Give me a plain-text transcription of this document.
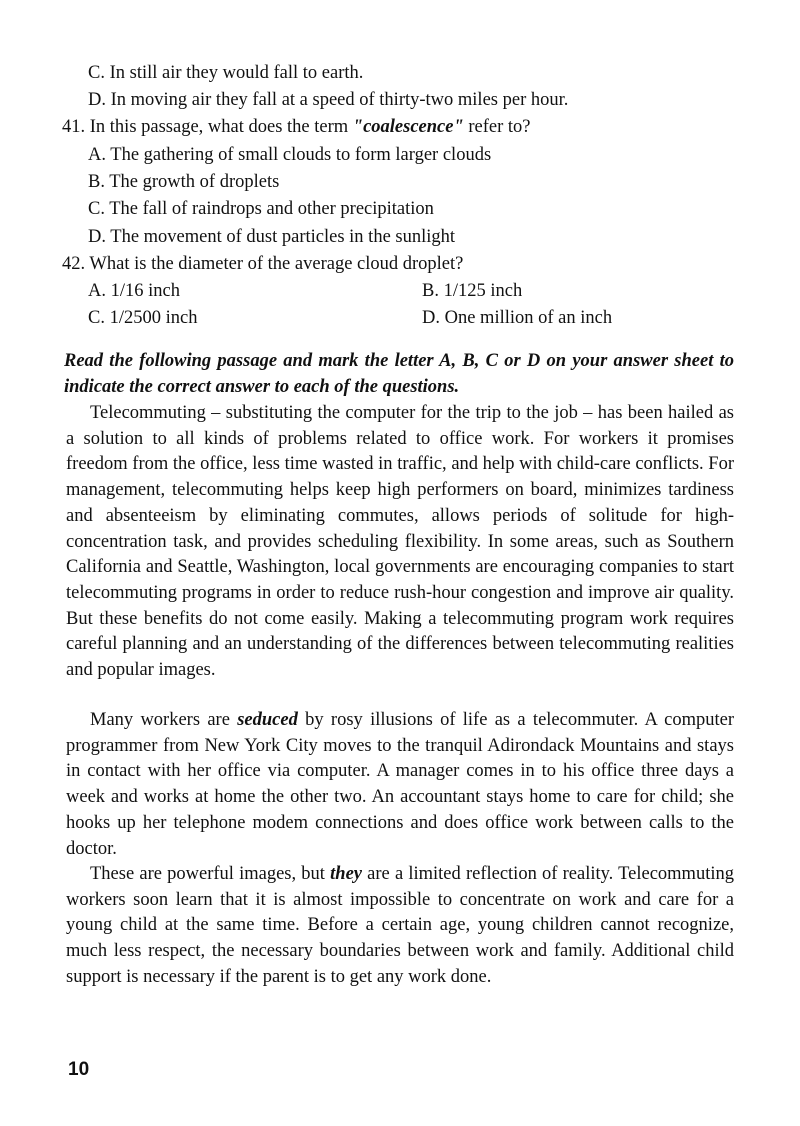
C. In still air they would fall to earth.
D. In moving air they fall at a speed of thirty-two miles per hour.
41. In this passage, what does the term "coalescence" refer to?
A. The gathering of small clouds to form larger clouds
B. The growth of droplets
C. The fall of raindrops and other precipitation
D. The movement of dust particles in the sunlight
42. What is the diameter of the average cloud droplet?
A. 1/16 inch	B. 1/125 inch
C. 1/2500 inch	D. One million of an inch
Read the following passage and mark the letter A, B, C or D on your answer sheet to indicate the correct answer to each of the questions.
Telecommuting – substituting the computer for the trip to the job – has been hailed as a solution to all kinds of problems related to office work. For workers it promises freedom from the office, less time wasted in traffic, and help with child-care conflicts. For management, telecommuting helps keep high performers on board, minimizes tardiness and absenteeism by eliminating commutes, allows periods of solitude for high-concentration task, and provides scheduling flexibility. In some areas, such as Southern California and Seattle, Washington, local governments are encouraging companies to start telecommuting programs in order to reduce rush-hour congestion and improve air quality. But these benefits do not come easily. Making a telecommuting program work requires careful planning and an understanding of the differences between telecommuting realities and popular images.
Many workers are seduced by rosy illusions of life as a telecommuter. A computer programmer from New York City moves to the tranquil Adirondack Mountains and stays in contact with her office via computer. A manager comes in to his office three days a week and works at home the other two. An accountant stays home to care for child; she hooks up her telephone modem connections and does office work between calls to the doctor.
These are powerful images, but they are a limited reflection of reality. Telecommuting workers soon learn that it is almost impossible to concentrate on work and care for a young child at the same time. Before a certain age, young children cannot recognize, much less respect, the necessary boundaries between work and family. Additional child support is necessary if the parent is to get any work done.
10
